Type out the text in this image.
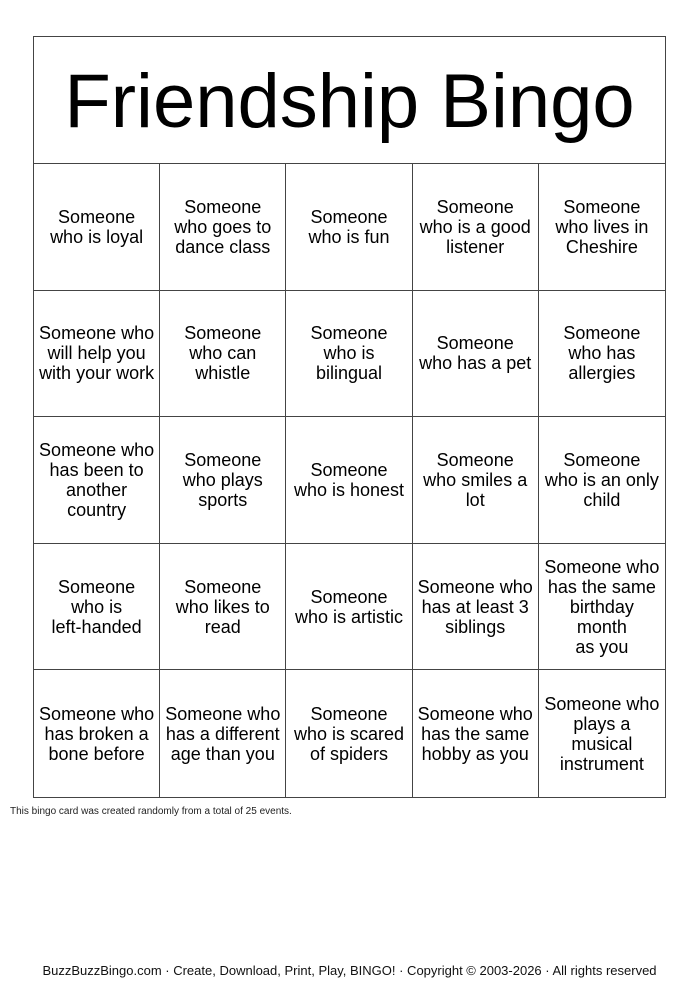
Friendship Bingo
Someone
who is loyal
Someone
who goes to
dance class
Someone
who is fun
Someone
who is a good
listener
Someone
who lives in
Cheshire
Someone who
will help you
with your work
Someone
who can
whistle
Someone
who is
bilingual
Someone
who has a pet
Someone
who has
allergies
Someone who
has been to
another
country
Someone
who plays
sports
Someone
who is honest
Someone
who smiles a
lot
Someone
who is an only
child
Someone
who is
left-handed
Someone
who likes to
read
Someone
who is artistic
Someone who
has at least 3
siblings
Someone who
has the same
birthday month
as you
Someone who
has broken a
bone before
Someone who
has a different
age than you
Someone
who is scared
of spiders
Someone who
has the same
hobby as you
Someone who
plays a
musical
instrument
This bingo card was created randomly from a total of 25 events.
BuzzBuzzBingo.com · Create, Download, Print, Play, BINGO! · Copyright © 2003-2026 · All rights reserved
